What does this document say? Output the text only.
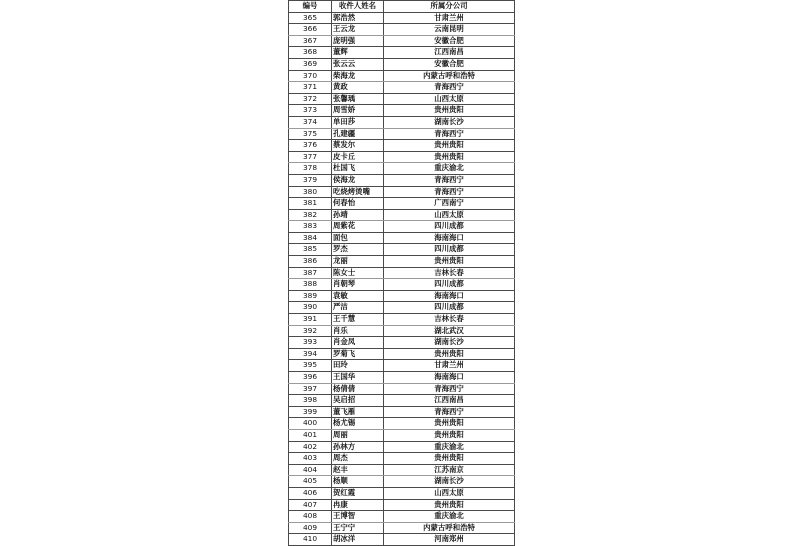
编号	收件人姓名	所属分公司
365	郭浩然	甘肃兰州
366	王云龙	云南昆明
367	庞明强	安徽合肥
368	董辉	江西南昌
369	张云云	安徽合肥
370	柴海龙	内蒙古呼和浩特
371	黄政	青海西宁
372	张馨瑀	山西太原
373	周雪娇	贵州贵阳
374	单田莎	湖南长沙
375	孔建疆	青海西宁
376	蔡发尔	贵州贵阳
377	皮卡丘	贵州贵阳
378	杜国飞	重庆渝北
379	侯海龙	青海西宁
380	吃烧烤烫嘴	青海西宁
381	何春怡	广西南宁
382	孙靖	山西太原
383	周紫花	四川成都
384	面包	海南海口
385	罗杰	四川成都
386	龙丽	贵州贵阳
387	陈女士	吉林长春
388	肖朝琴	四川成都
389	袁敏	海南海口
390	严洁	四川成都
391	王千慧	吉林长春
392	肖乐	湖北武汉
393	肖金凤	湖南长沙
394	罗菊飞	贵州贵阳
395	田玲	甘肃兰州
396	王国华	海南海口
397	杨倩倩	青海西宁
398	吴启招	江西南昌
399	董飞雁	青海西宁
400	杨尤锡	贵州贵阳
401	周丽	贵州贵阳
402	孙林方	重庆渝北
403	周杰	贵州贵阳
404	赵丰	江苏南京
405	杨顺	湖南长沙
406	贺红霞	山西太原
407	冉康	贵州贵阳
408	王博智	重庆渝北
409	王宁宁	内蒙古呼和浩特
410	胡冰洋	河南郑州
